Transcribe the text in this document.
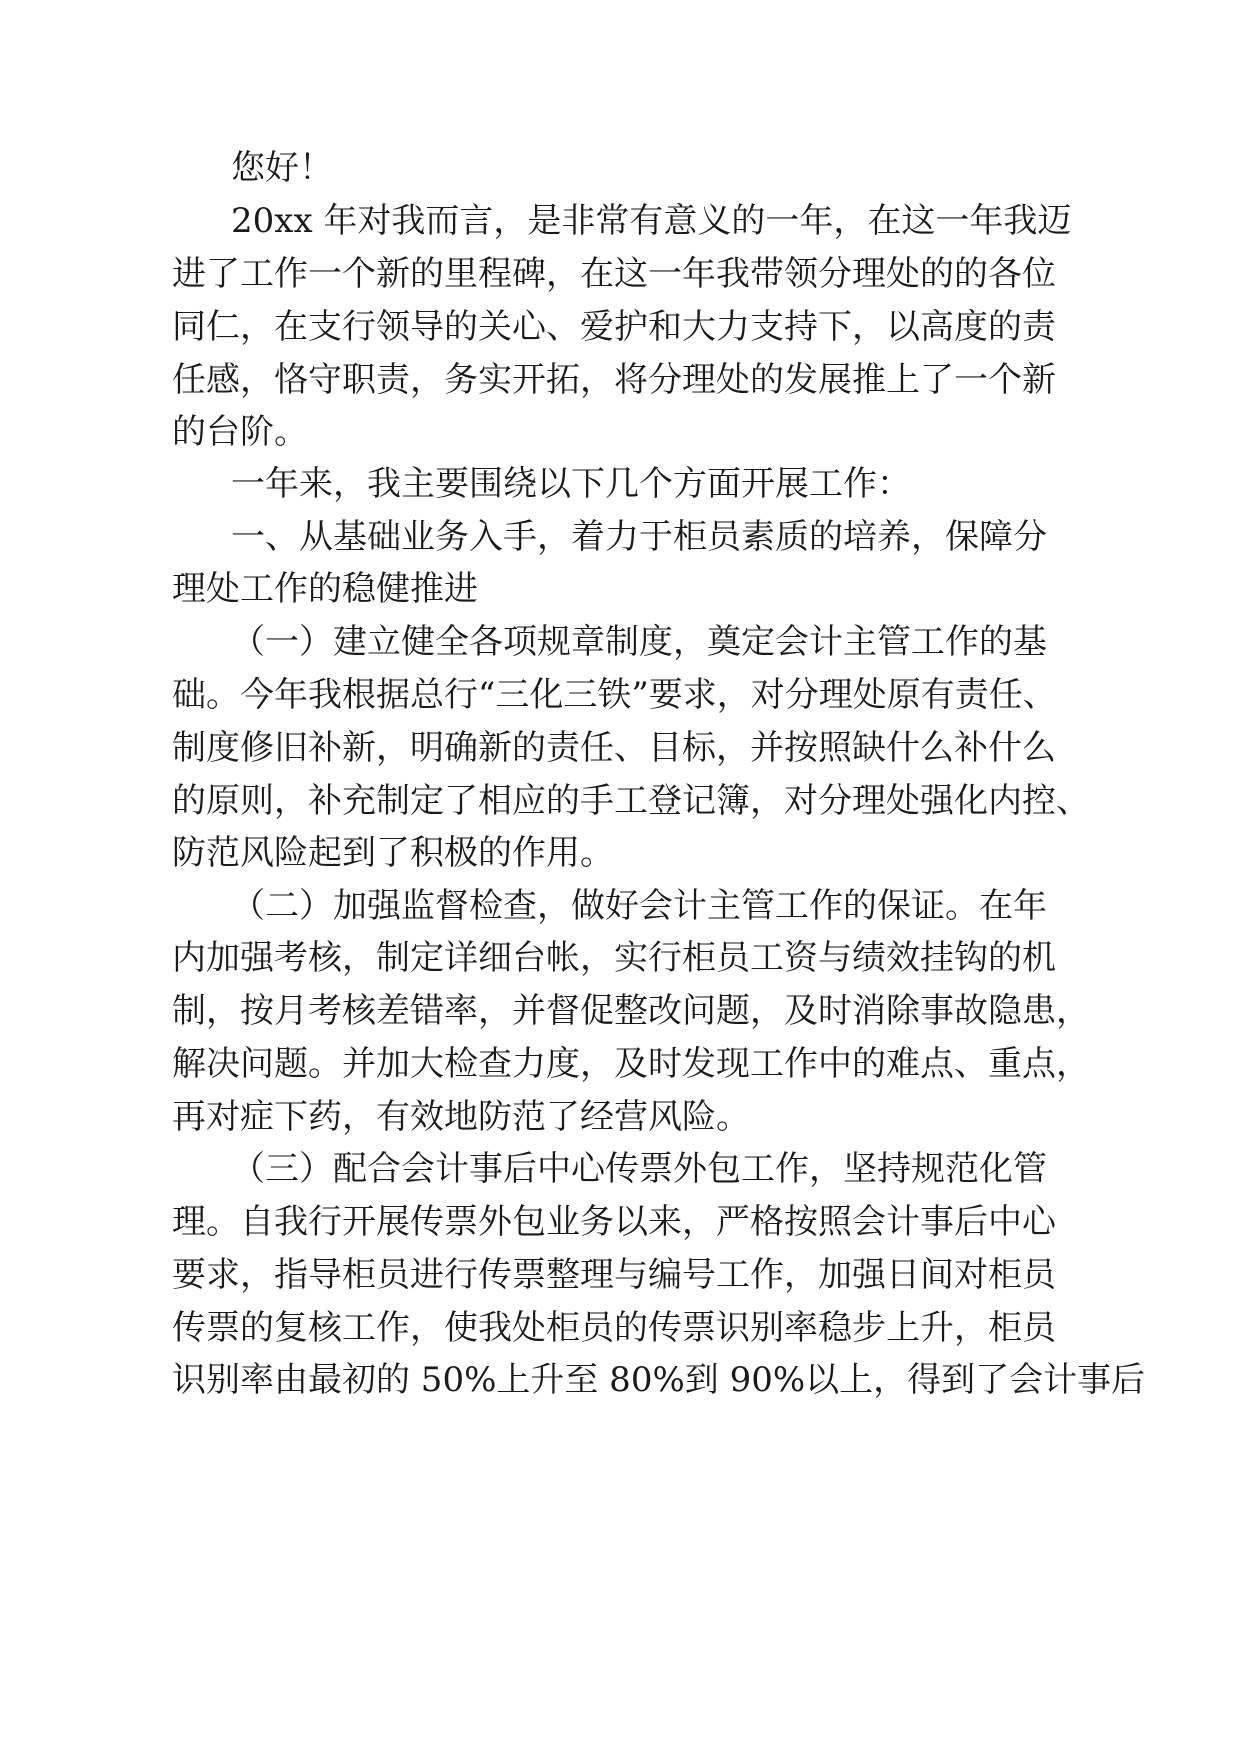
您好！
20xx 年对我而言，是非常有意义的一年，在这一年我迈
进了工作一个新的里程碑，在这一年我带领分理处的的各位
同仁，在支行领导的关心、爱护和大力支持下，以高度的责
任感，恪守职责，务实开拓，将分理处的发展推上了一个新
的台阶。
一年来，我主要围绕以下几个方面开展工作：
一、从基础业务入手，着力于柜员素质的培养，保障分
理处工作的稳健推进
（一）建立健全各项规章制度，奠定会计主管工作的基
础。今年我根据总行“三化三铁”要求，对分理处原有责任、
制度修旧补新，明确新的责任、目标，并按照缺什么补什么
的原则，补充制定了相应的手工登记簿，对分理处强化内控、
防范风险起到了积极的作用。
（二）加强监督检查，做好会计主管工作的保证。在年
内加强考核，制定详细台帐，实行柜员工资与绩效挂钩的机
制，按月考核差错率，并督促整改问题，及时消除事故隐患，
解决问题。并加大检查力度，及时发现工作中的难点、重点，
再对症下药，有效地防范了经营风险。
（三）配合会计事后中心传票外包工作，坚持规范化管
理。自我行开展传票外包业务以来，严格按照会计事后中心
要求，指导柜员进行传票整理与编号工作，加强日间对柜员
传票的复核工作，使我处柜员的传票识别率稳步上升，柜员
识别率由最初的 50%上升至 80%到 90%以上，得到了会计事后
